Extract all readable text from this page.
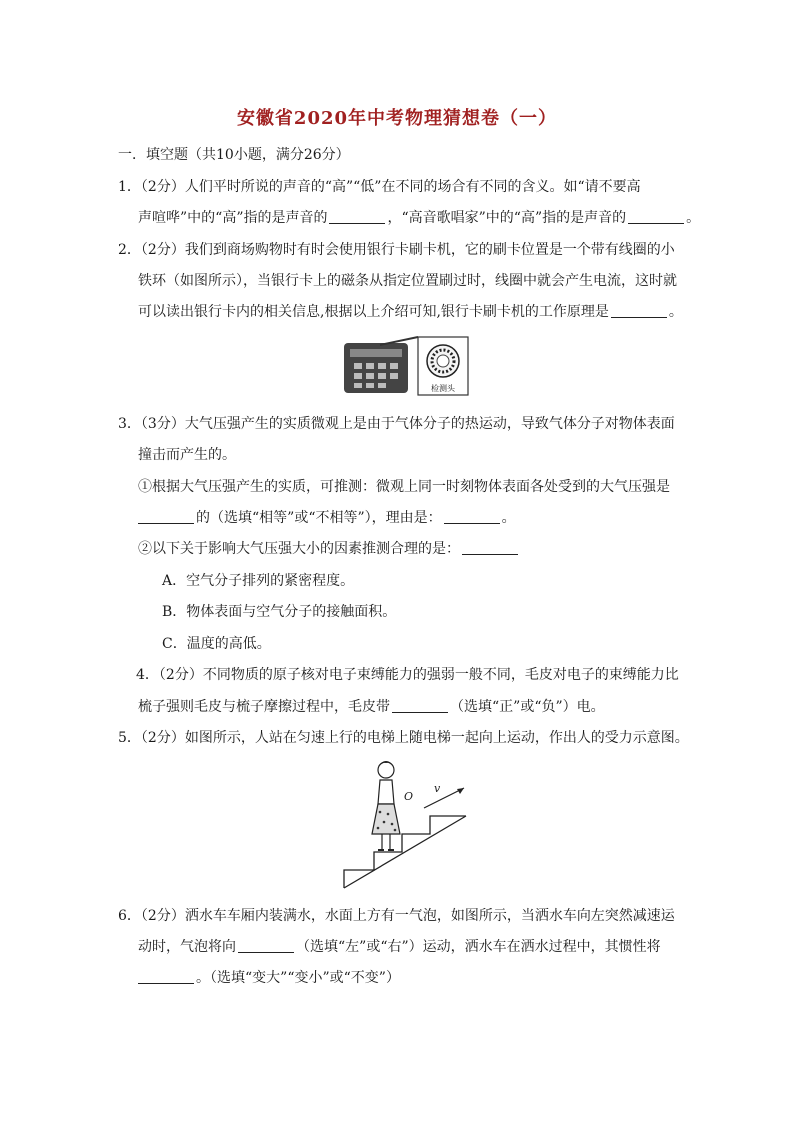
安徽省2020年中考物理猜想卷（一）
一．填空题（共10小题，满分26分）
1．（2分）人们平时所说的声音的“高”“低”在不同的场合有不同的含义。如“请不要高
声喧哗”中的“高”指的是声音的	，“高音歌唱家”中的“高”指的是声音的	。
2．（2分）我们到商场购物时有时会使用银行卡刷卡机，它的刷卡位置是一个带有线圈的小
铁环（如图所示），当银行卡上的磁条从指定位置刷过时，线圈中就会产生电流，这时就
可以读出银行卡内的相关信息,根据以上介绍可知,银行卡刷卡机的工作原理是	。
检测头
3．（3分）大气压强产生的实质微观上是由于气体分子的热运动，导致气体分子对物体表面
撞击而产生的。
①根据大气压强产生的实质，可推测：微观上同一时刻物体表面各处受到的大气压强是
的（选填“相等”或“不相等”），理由是：	。
②以下关于影响大气压强大小的因素推测合理的是：
A．空气分子排列的紧密程度。
B．物体表面与空气分子的接触面积。
C．温度的高低。
4．（2分）不同物质的原子核对电子束缚能力的强弱一般不同，毛皮对电子的束缚能力比
梳子强则毛皮与梳子摩擦过程中，毛皮带	（选填“正”或“负”）电。
5．（2分）如图所示，人站在匀速上行的电梯上随电梯一起向上运动，作出人的受力示意图。
O
v
6．（2分）洒水车车厢内装满水，水面上方有一气泡，如图所示，当洒水车向左突然减速运
动时，气泡将向	（选填“左”或“右”）运动，洒水车在洒水过程中，其惯性将
。（选填“变大”“变小”或“不变”）
